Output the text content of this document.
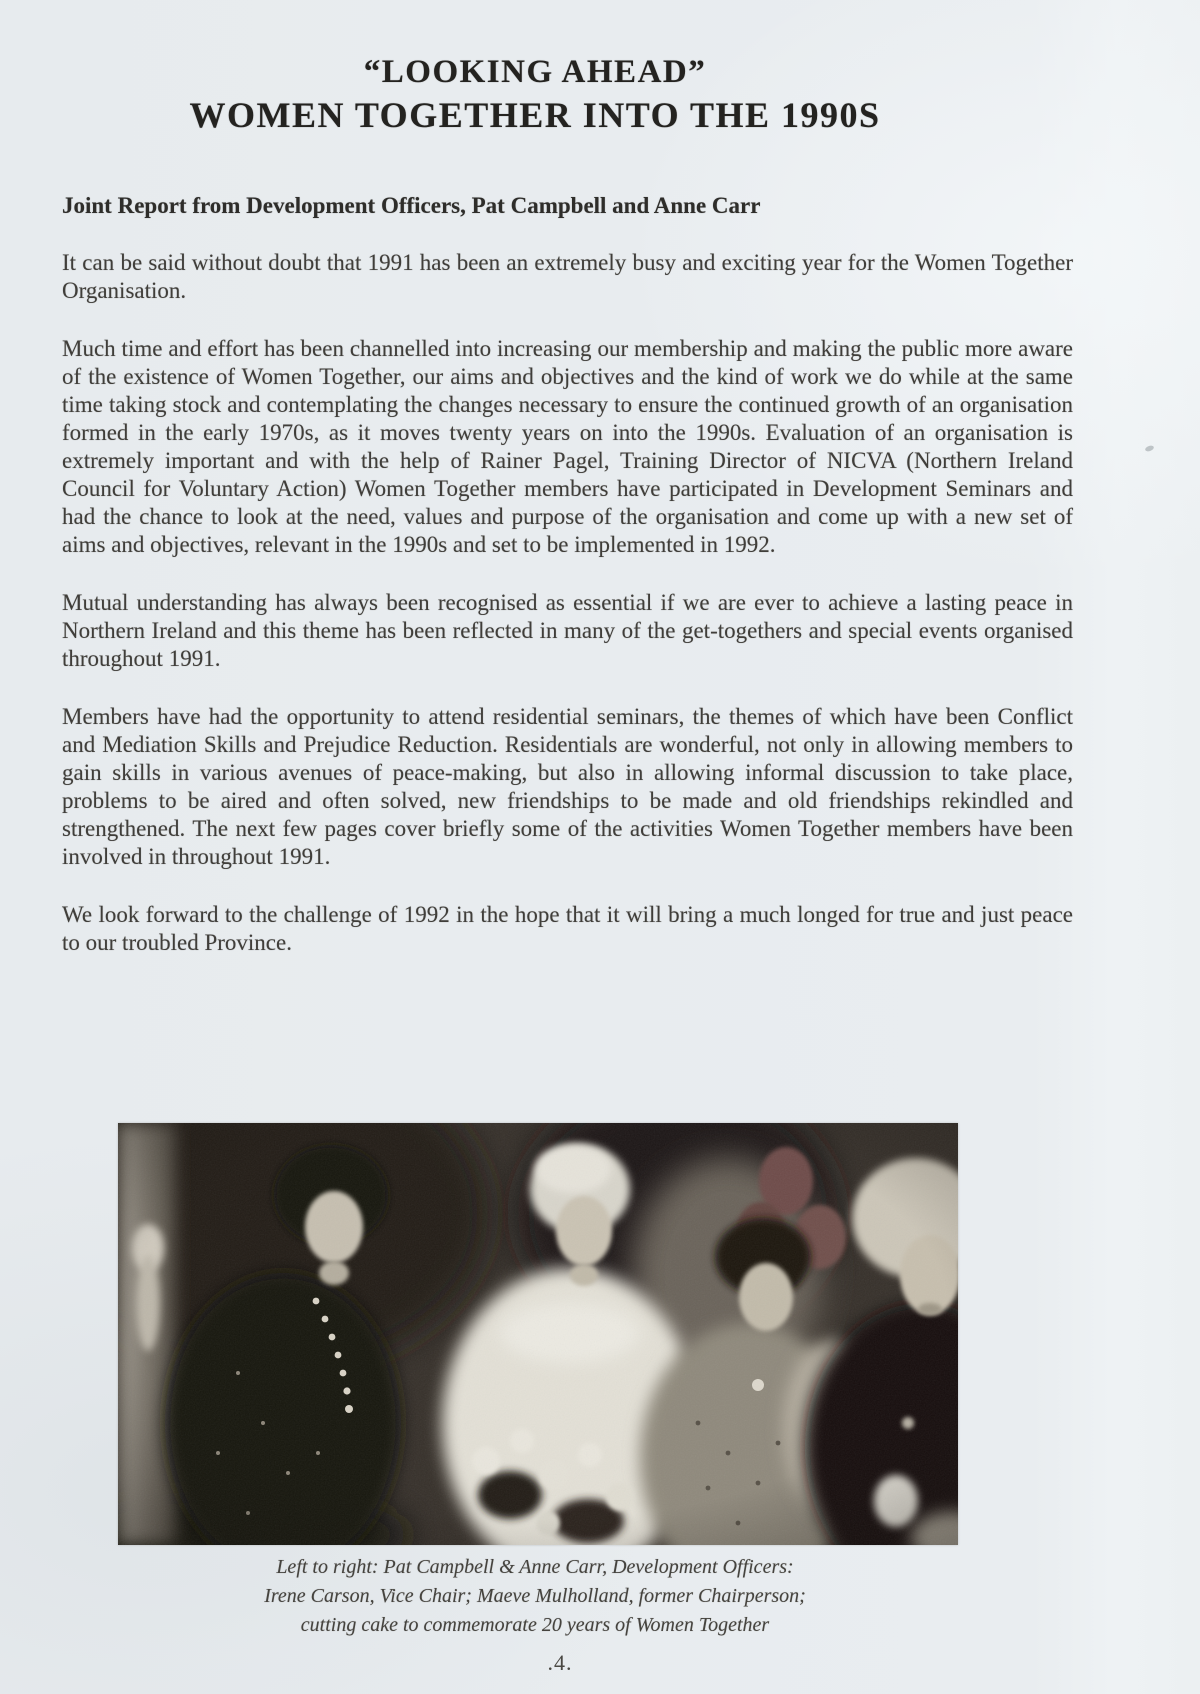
“LOOKING AHEAD”
WOMEN TOGETHER INTO THE 1990S
Joint Report from Development Officers, Pat Campbell and Anne Carr

It can be said without doubt that 1991 has been an extremely busy and exciting year for the Women Together Organisation.

Much time and effort has been channelled into increasing our membership and making the public more aware of the existence of Women Together, our aims and objectives and the kind of work we do while at the same time taking stock and contemplating the changes necessary to ensure the continued growth of an organisation formed in the early 1970s, as it moves twenty years on into the 1990s. Evaluation of an organisation is extremely important and with the help of Rainer Pagel, Training Director of NICVA (Northern Ireland Council for Voluntary Action) Women Together members have participated in Development Seminars and had the chance to look at the need, values and purpose of the organisation and come up with a new set of aims and objectives, relevant in the 1990s and set to be implemented in 1992.

Mutual understanding has always been recognised as essential if we are ever to achieve a lasting peace in Northern Ireland and this theme has been reflected in many of the get-togethers and special events organised throughout 1991.

Members have had the opportunity to attend residential seminars, the themes of which have been Conflict and Mediation Skills and Prejudice Reduction. Residentials are wonderful, not only in allowing members to gain skills in various avenues of peace-making, but also in allowing informal discussion to take place, problems to be aired and often solved, new friendships to be made and old friendships rekindled and strengthened. The next few pages cover briefly some of the activities Women Together members have been involved in throughout 1991.

We look forward to the challenge of 1992 in the hope that it will bring a much longed for true and just peace to our troubled Province.

Left to right: Pat Campbell & Anne Carr, Development Officers:
Irene Carson, Vice Chair; Maeve Mulholland, former Chairperson;
cutting cake to commemorate 20 years of Women Together
.4.
